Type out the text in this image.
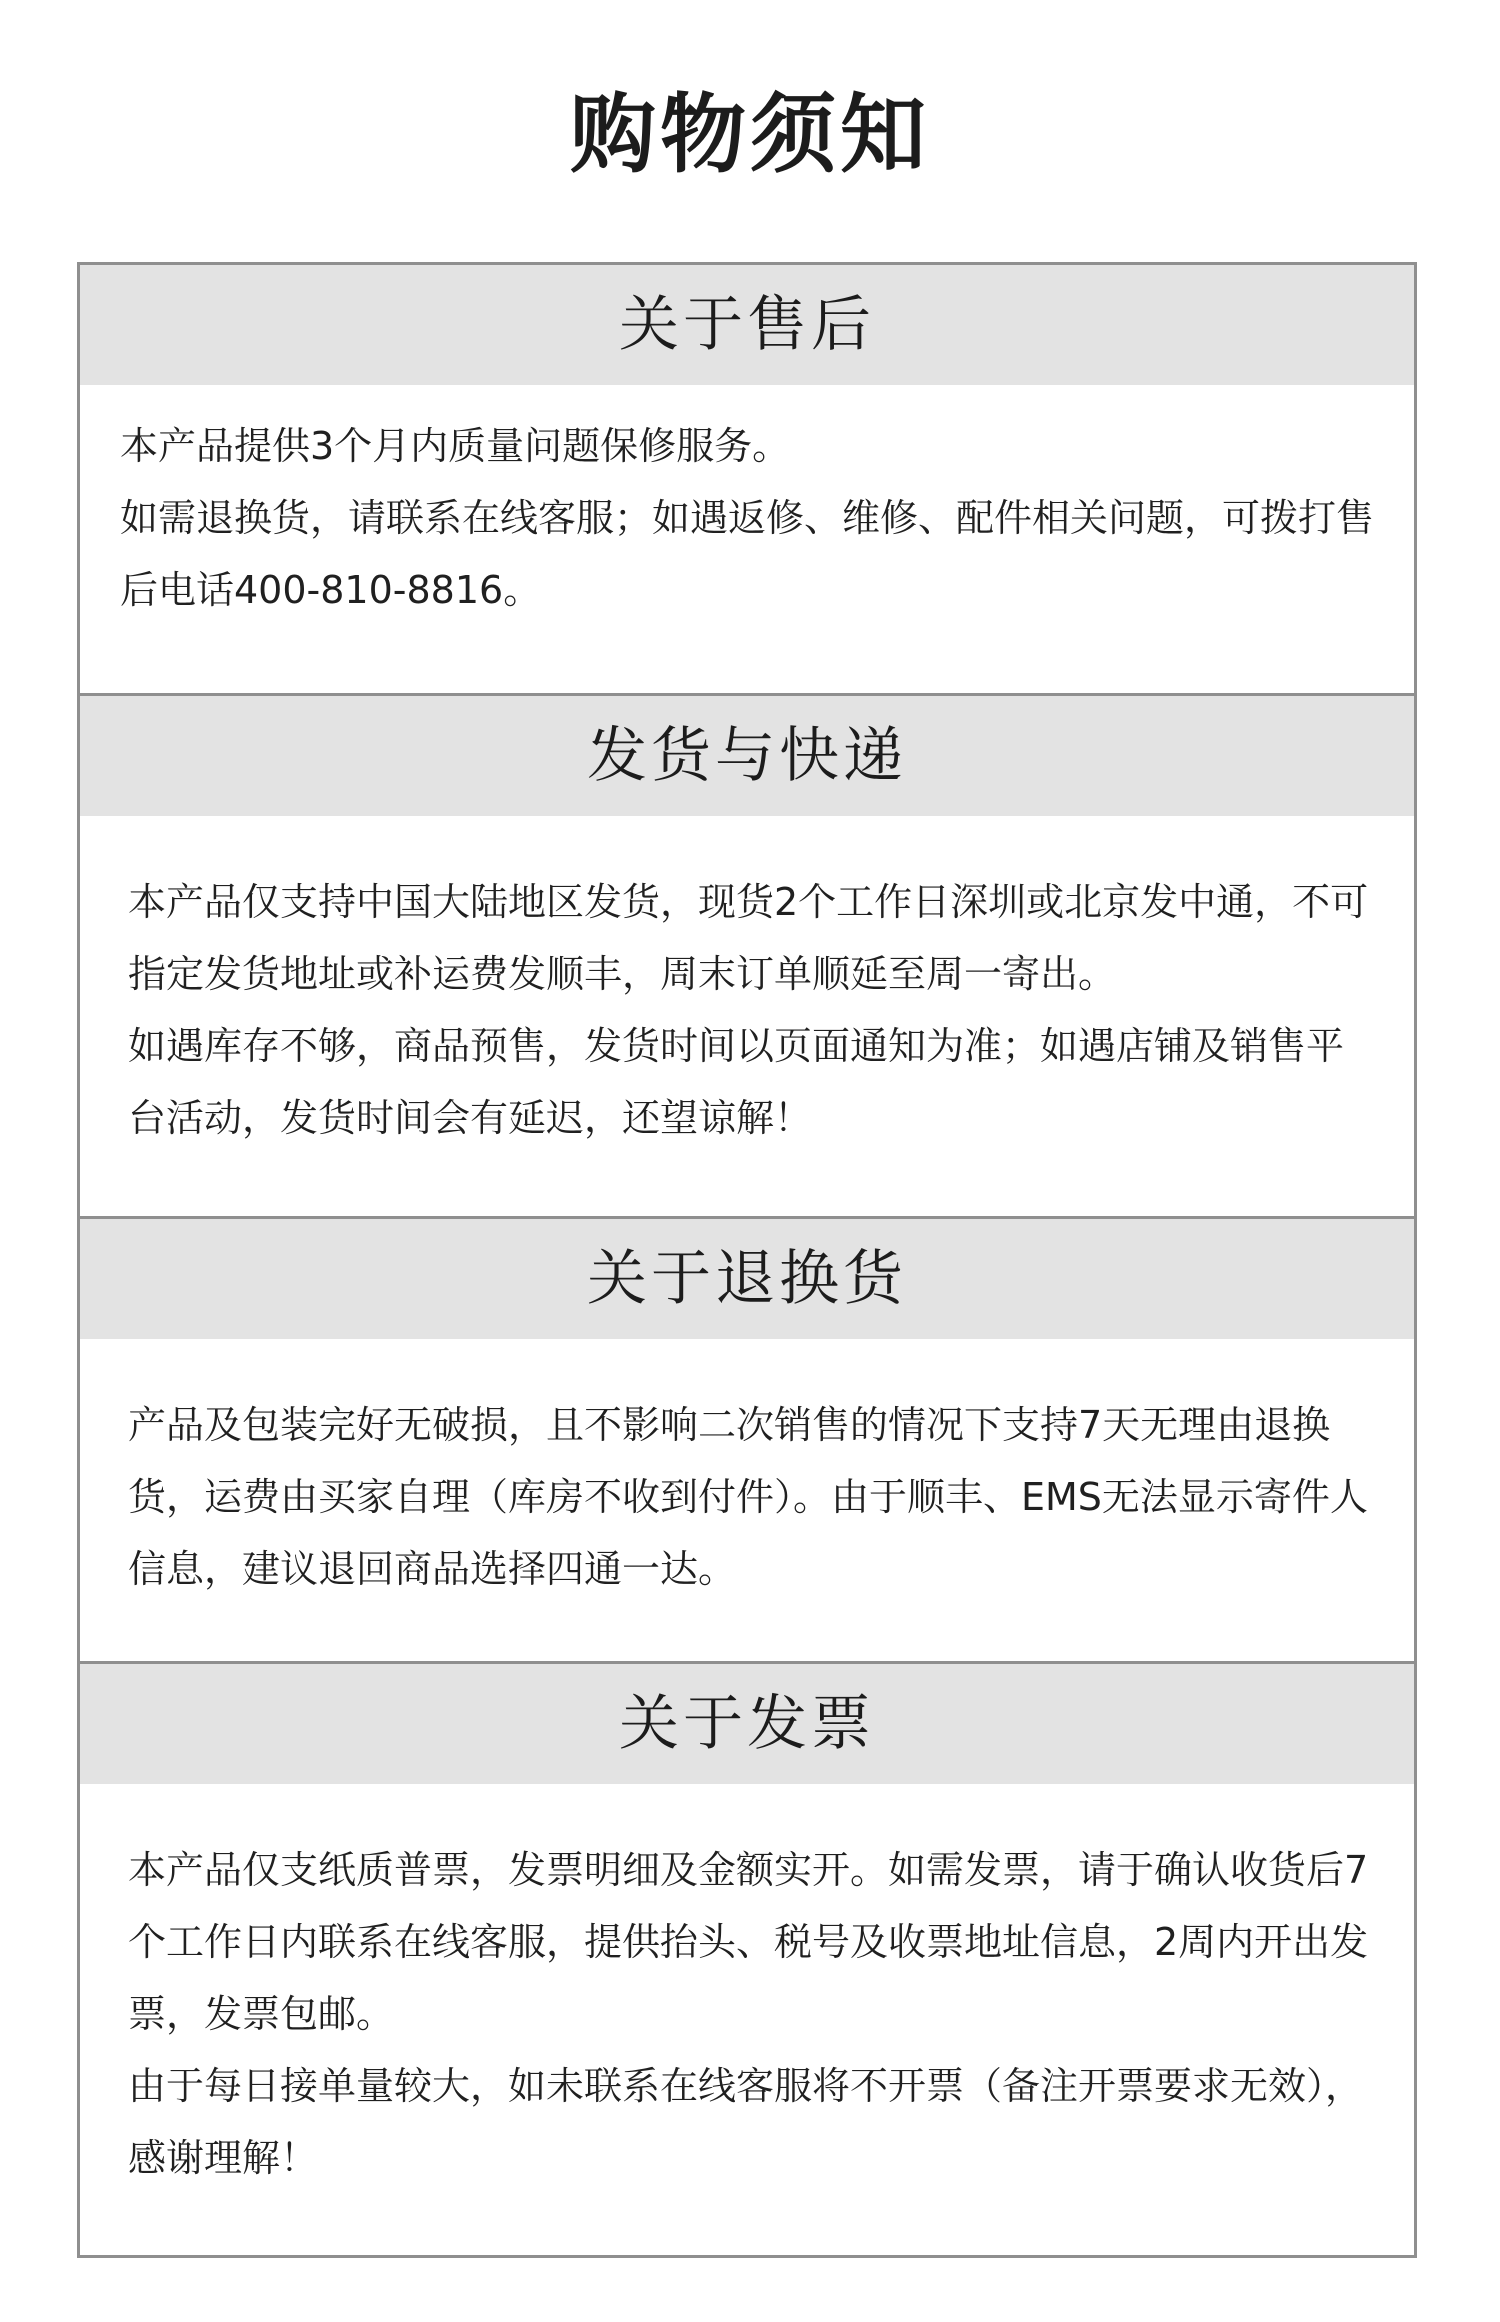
购物须知
关于售后

本产品提供3个月内质量问题保修服务。

如需退换货，请联系在线客服；如遇返修、维修、配件相关问题，可拨打售后电话400-810-8816。

发货与快递

本产品仅支持中国大陆地区发货，现货2个工作日深圳或北京发中通，不可指定发货地址或补运费发顺丰，周末订单顺延至周一寄出。

如遇库存不够，商品预售，发货时间以页面通知为准；如遇店铺及销售平台活动，发货时间会有延迟，还望谅解！

关于退换货

产品及包装完好无破损，且不影响二次销售的情况下支持7天无理由退换货，运费由买家自理（库房不收到付件）。由于顺丰、EMS无法显示寄件人信息，建议退回商品选择四通一达。

关于发票

本产品仅支纸质普票，发票明细及金额实开。如需发票，请于确认收货后7个工作日内联系在线客服，提供抬头、税号及收票地址信息，2周内开出发票，发票包邮。

由于每日接单量较大，如未联系在线客服将不开票（备注开票要求无效），感谢理解！
